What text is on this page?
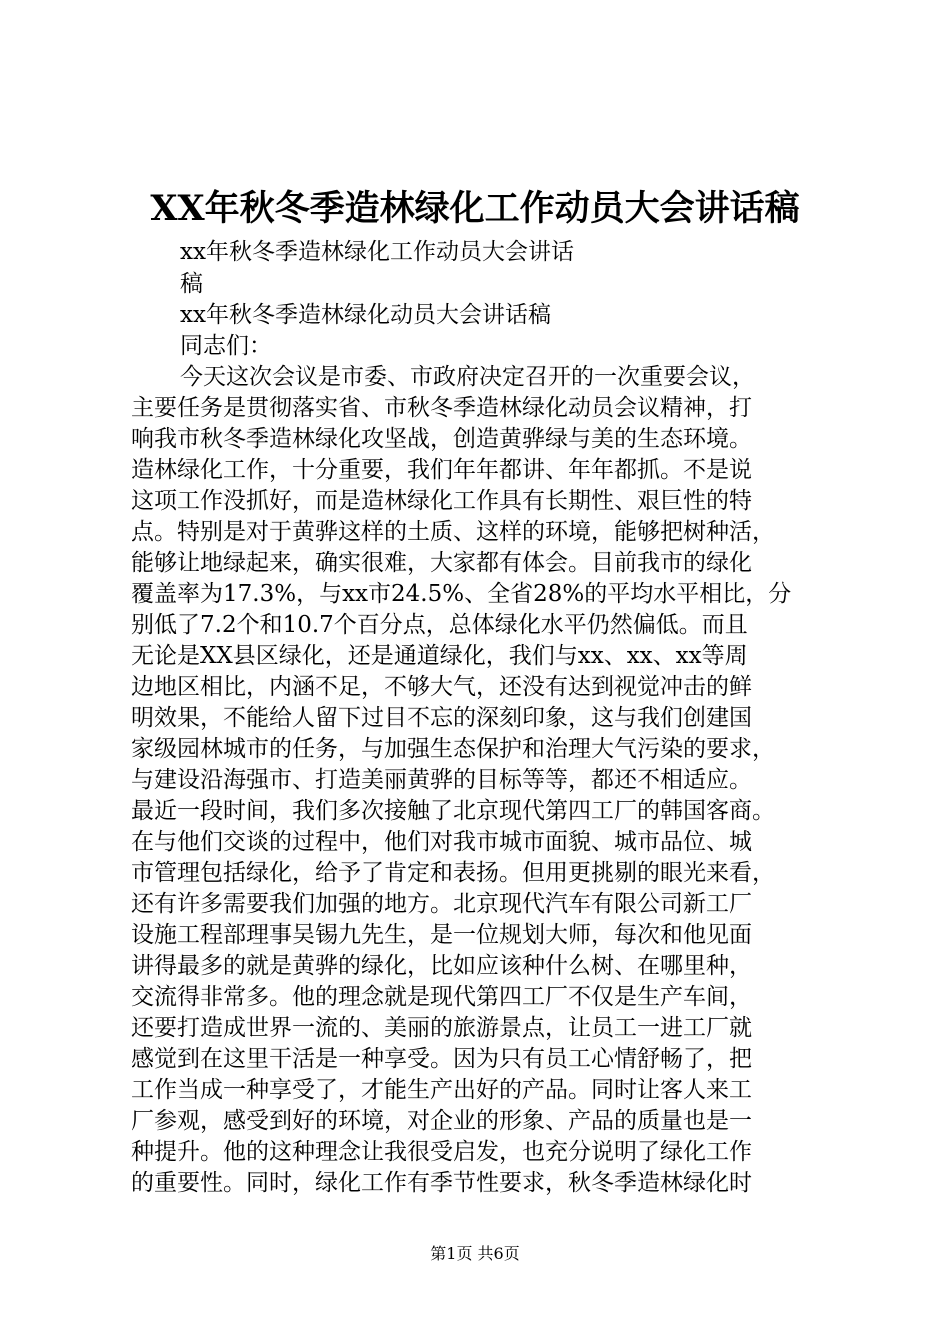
XX年秋冬季造林绿化工作动员大会讲话稿
xx年秋冬季造林绿化工作动员大会讲话
稿
xx年秋冬季造林绿化动员大会讲话稿
同志们：
今天这次会议是市委、市政府决定召开的一次重要会议，
主要任务是贯彻落实省、市秋冬季造林绿化动员会议精神，打
响我市秋冬季造林绿化攻坚战，创造黄骅绿与美的生态环境。
造林绿化工作，十分重要，我们年年都讲、年年都抓。不是说
这项工作没抓好，而是造林绿化工作具有长期性、艰巨性的特
点。特别是对于黄骅这样的土质、这样的环境，能够把树种活，
能够让地绿起来，确实很难，大家都有体会。目前我市的绿化
覆盖率为17.3%，与xx市24.5%、全省28%的平均水平相比，分
别低了7.2个和10.7个百分点，总体绿化水平仍然偏低。而且
无论是XX县区绿化，还是通道绿化，我们与xx、xx、xx等周
边地区相比，内涵不足，不够大气，还没有达到视觉冲击的鲜
明效果，不能给人留下过目不忘的深刻印象，这与我们创建国
家级园林城市的任务，与加强生态保护和治理大气污染的要求，
与建设沿海强市、打造美丽黄骅的目标等等，都还不相适应。
最近一段时间，我们多次接触了北京现代第四工厂的韩国客商。
在与他们交谈的过程中，他们对我市城市面貌、城市品位、城
市管理包括绿化，给予了肯定和表扬。但用更挑剔的眼光来看，
还有许多需要我们加强的地方。北京现代汽车有限公司新工厂
设施工程部理事吴锡九先生，是一位规划大师，每次和他见面
讲得最多的就是黄骅的绿化，比如应该种什么树、在哪里种，
交流得非常多。他的理念就是现代第四工厂不仅是生产车间，
还要打造成世界一流的、美丽的旅游景点，让员工一进工厂就
感觉到在这里干活是一种享受。因为只有员工心情舒畅了，把
工作当成一种享受了，才能生产出好的产品。同时让客人来工
厂参观，感受到好的环境，对企业的形象、产品的质量也是一
种提升。他的这种理念让我很受启发，也充分说明了绿化工作
的重要性。同时，绿化工作有季节性要求，秋冬季造林绿化时
第1页 共6页
